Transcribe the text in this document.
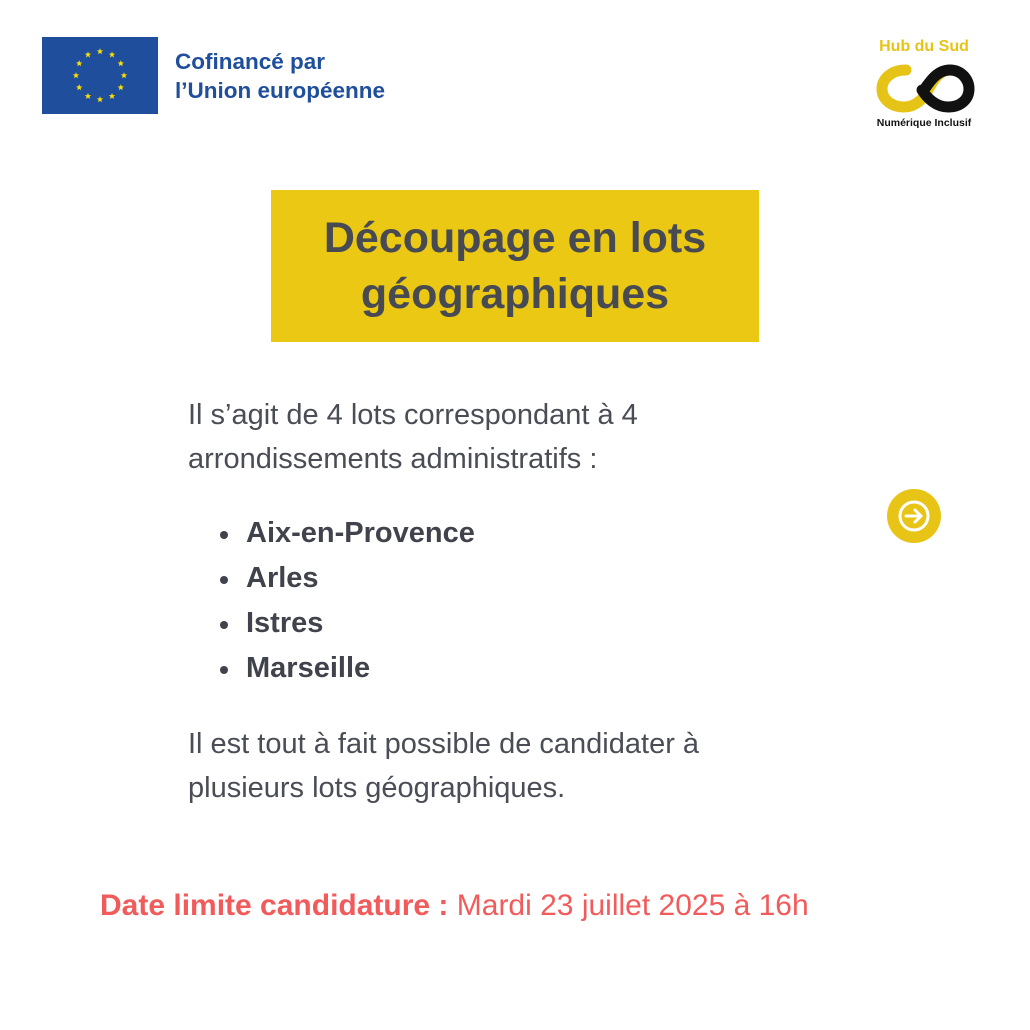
Cofinancé par
l’Union européenne
Hub du Sud
Numérique Inclusif
Découpage en lots
géographiques
Il s’agit de 4 lots correspondant à 4
arrondissements administratifs :
Aix-en-Provence
Arles
Istres
Marseille
Il est tout à fait possible de candidater à
plusieurs lots géographiques.
Date limite candidature : Mardi 23 juillet 2025 à 16h
